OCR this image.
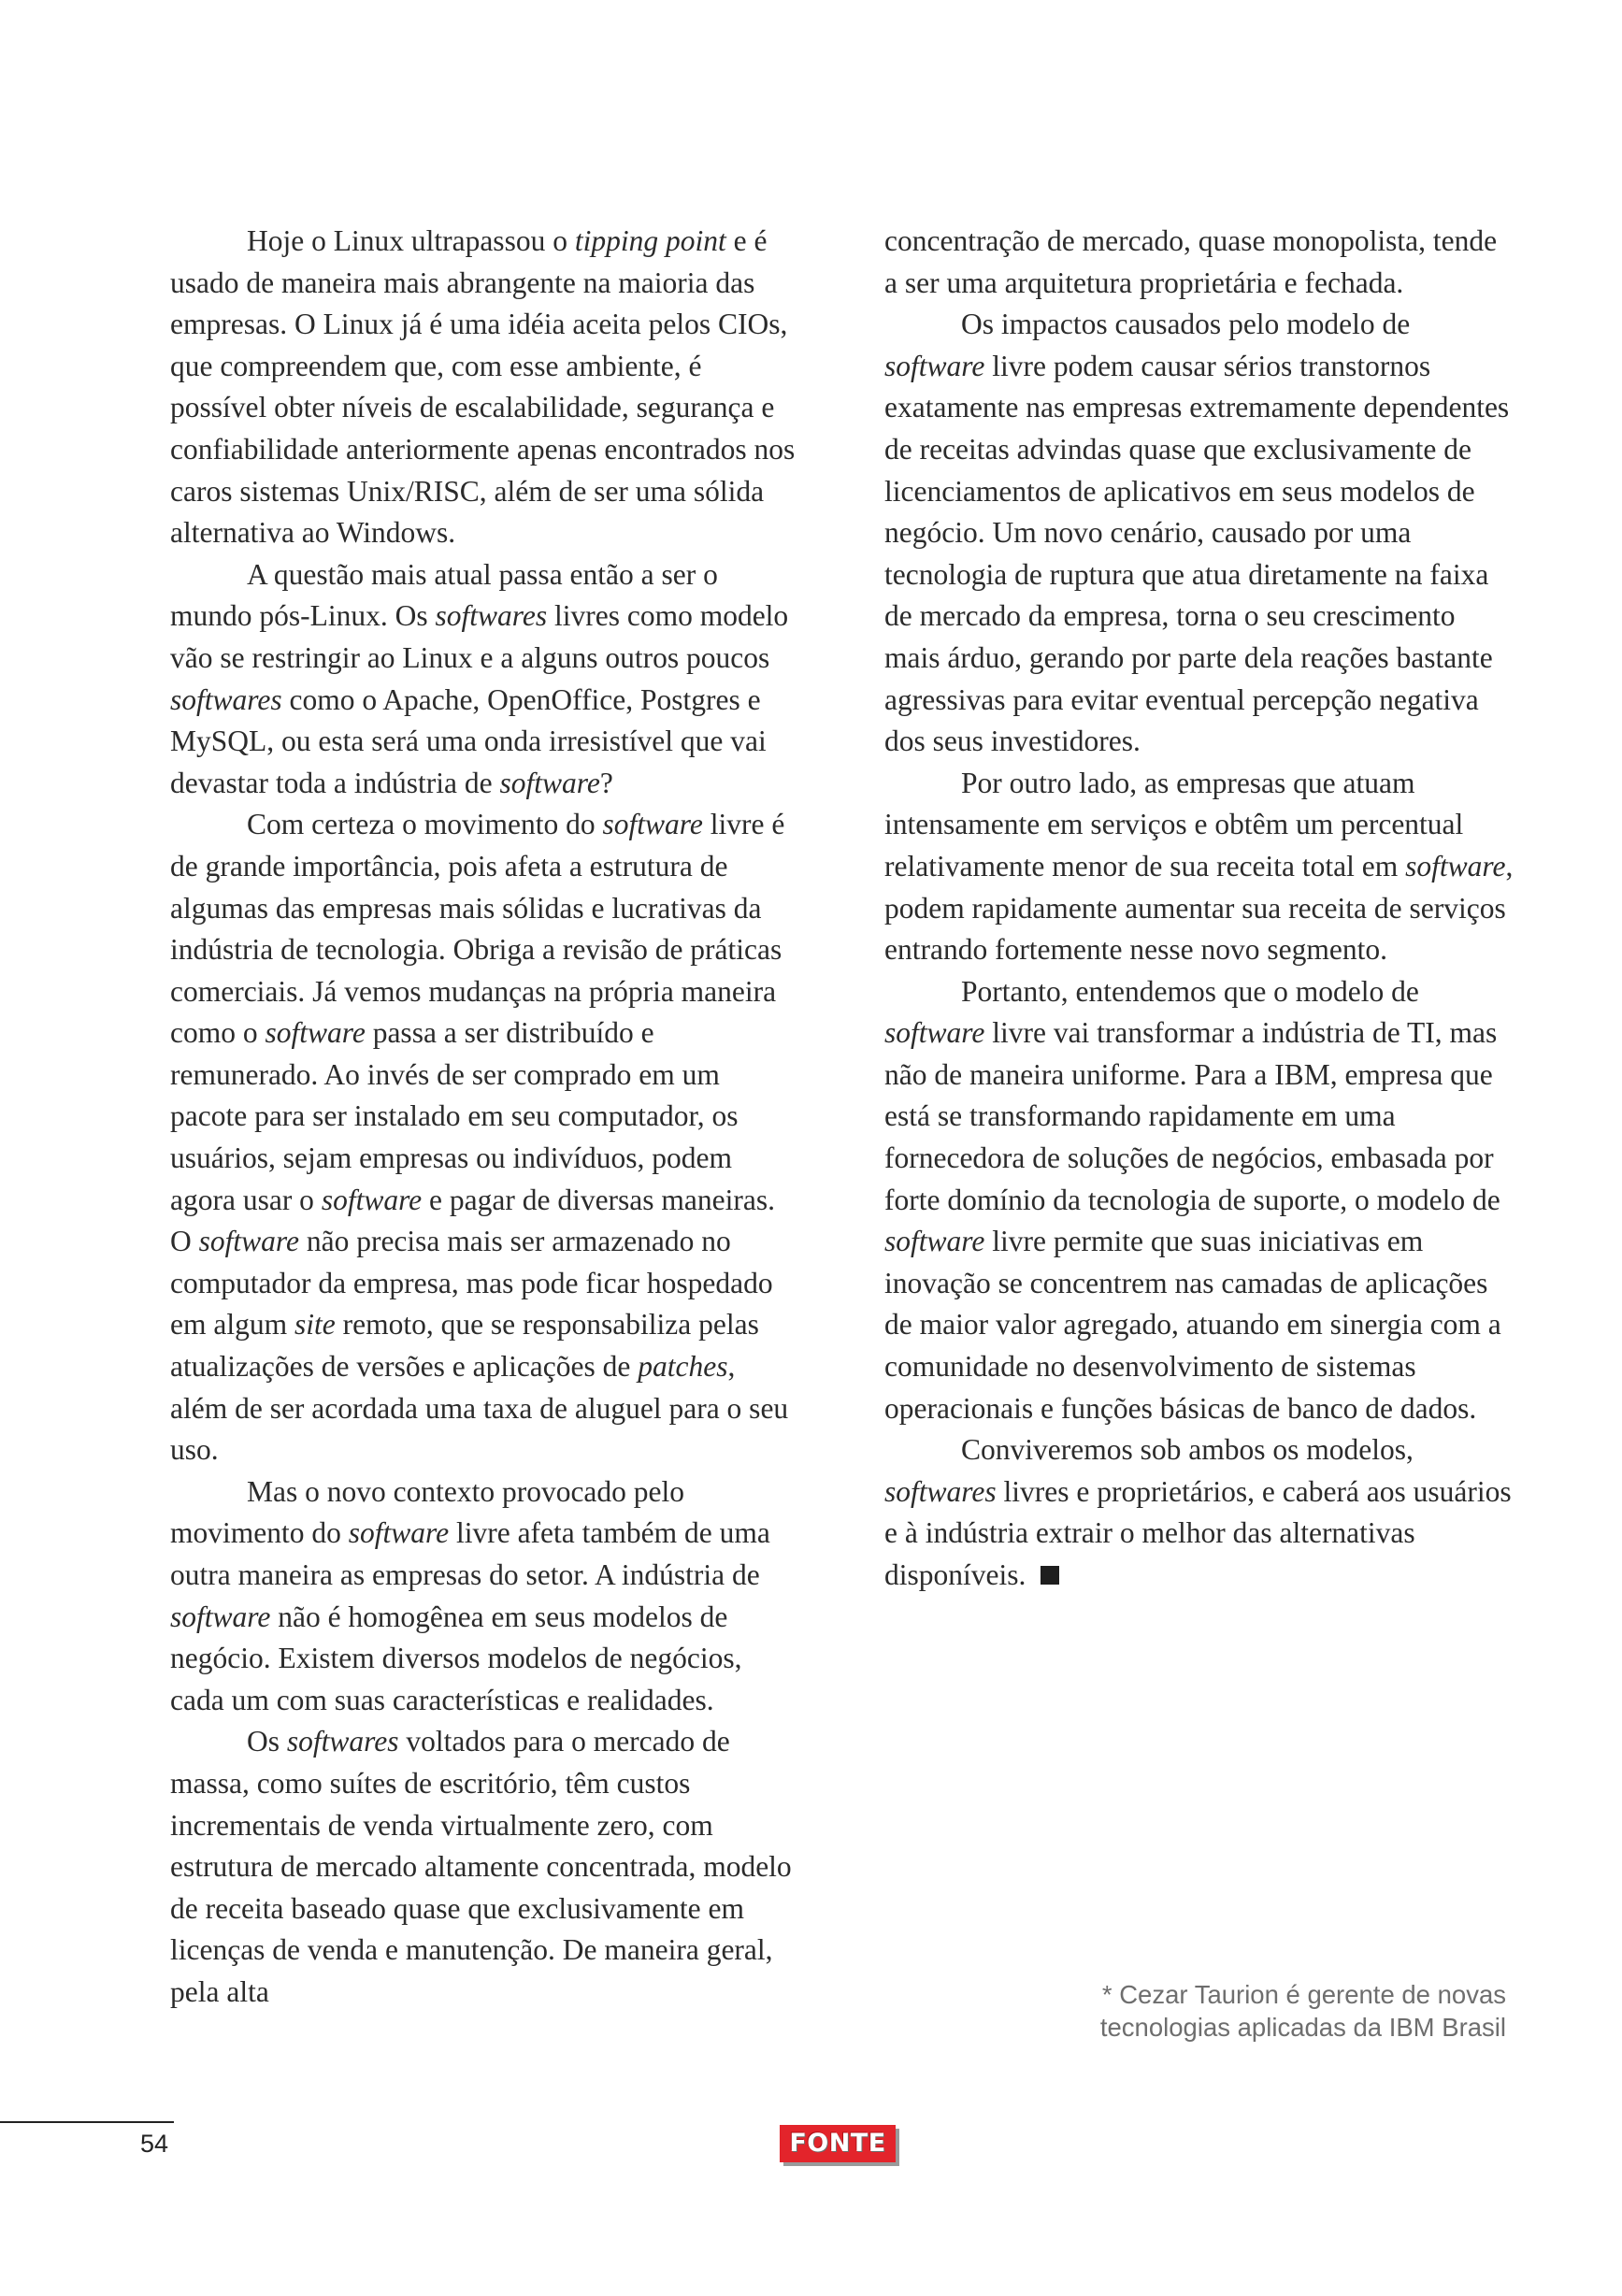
Hoje o Linux ultrapassou o tipping point e é usado de maneira mais abrangente na maioria das empresas. O Linux já é uma idéia aceita pelos CIOs, que compreendem que, com esse ambiente, é possível obter níveis de escalabilidade, segurança e confiabilidade anteriormente apenas encontrados nos caros sistemas Unix/RISC, além de ser uma sólida alternativa ao Windows.

A questão mais atual passa então a ser o mundo pós-Linux. Os softwares livres como modelo vão se restringir ao Linux e a alguns outros poucos softwares como o Apache, OpenOffice, Postgres e MySQL, ou esta será uma onda irresistível que vai devastar toda a indústria de software?

Com certeza o movimento do software livre é de grande importância, pois afeta a estrutura de algumas das empresas mais sólidas e lucrativas da indústria de tecnologia. Obriga a revisão de práticas comerciais. Já vemos mudanças na própria maneira como o software passa a ser distribuído e remunerado. Ao invés de ser comprado em um pacote para ser instalado em seu computador, os usuários, sejam empresas ou indivíduos, podem agora usar o software e pagar de diversas maneiras. O software não precisa mais ser armazenado no computador da empresa, mas pode ficar hospedado em algum site remoto, que se responsabiliza pelas atualizações de versões e aplicações de patches, além de ser acordada uma taxa de aluguel para o seu uso.

Mas o novo contexto provocado pelo movimento do software livre afeta também de uma outra maneira as empresas do setor. A indústria de software não é homogênea em seus modelos de negócio. Existem diversos modelos de negócios, cada um com suas características e realidades.

Os softwares voltados para o mercado de massa, como suítes de escritório, têm custos incrementais de venda virtualmente zero, com estrutura de mercado altamente concentrada, modelo de receita baseado quase que exclusivamente em licenças de venda e manutenção. De maneira geral, pela alta

concentração de mercado, quase monopolista, tende a ser uma arquitetura proprietária e fechada.

Os impactos causados pelo modelo de software livre podem causar sérios transtornos exatamente nas empresas extremamente dependentes de receitas advindas quase que exclusivamente de licenciamentos de aplicativos em seus modelos de negócio. Um novo cenário, causado por uma tecnologia de ruptura que atua diretamente na faixa de mercado da empresa, torna o seu crescimento mais árduo, gerando por parte dela reações bastante agressivas para evitar eventual percepção negativa dos seus investidores.

Por outro lado, as empresas que atuam intensamente em serviços e obtêm um percentual relativamente menor de sua receita total em software, podem rapidamente aumentar sua receita de serviços entrando fortemente nesse novo segmento.

Portanto, entendemos que o modelo de software livre vai transformar a indústria de TI, mas não de maneira uniforme. Para a IBM, empresa que está se transformando rapidamente em uma fornecedora de soluções de negócios, embasada por forte domínio da tecnologia de suporte, o modelo de software livre permite que suas iniciativas em inovação se concentrem nas camadas de aplicações de maior valor agregado, atuando em sinergia com a comunidade no desenvolvimento de sistemas operacionais e funções básicas de banco de dados.

Conviveremos sob ambos os modelos, softwares livres e proprietários, e caberá aos usuários e à indústria extrair o melhor das alternativas disponíveis.

* Cezar Taurion é gerente de novas
tecnologias aplicadas da IBM Brasil
54	FONTE
